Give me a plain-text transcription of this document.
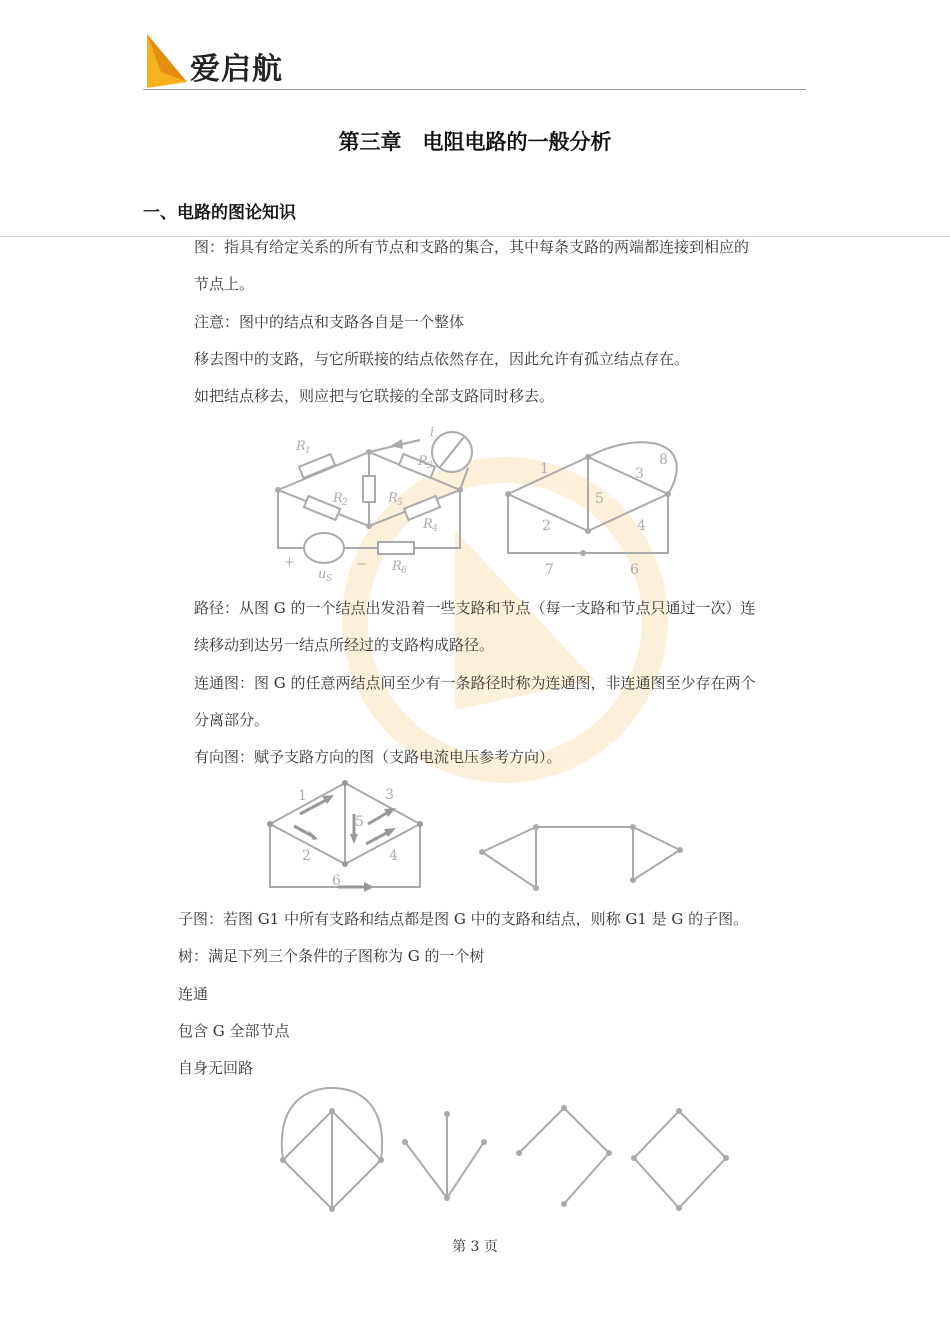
爱启航
第三章　电阻电路的一般分析
一、电路的图论知识
图：指具有给定关系的所有节点和支路的集合，其中每条支路的两端都连接到相应的
节点上。
注意：图中的结点和支路各自是一个整体
移去图中的支路，与它所联接的结点依然存在，因此允许有孤立结点存在。
如把结点移去，则应把与它联接的全部支路同时移去。
R 1
R 2
R 3
R 4
R 5
R 6
i
u S
+	−
1
2
3
4
5
6
7
8
路径：从图 G 的一个结点出发沿着一些支路和节点（每一支路和节点只通过一次）连
续移动到达另一结点所经过的支路构成路径。
连通图：图 G 的任意两结点间至少有一条路径时称为连通图，非连通图至少存在两个
分离部分。
有向图：赋予支路方向的图（支路电流电压参考方向）。
1
2
3
4
5
6
子图：若图 G1 中所有支路和结点都是图 G 中的支路和结点，则称 G1 是 G 的子图。
树：满足下列三个条件的子图称为 G 的一个树
连通
包含 G 全部节点
自身无回路
第 3 页
